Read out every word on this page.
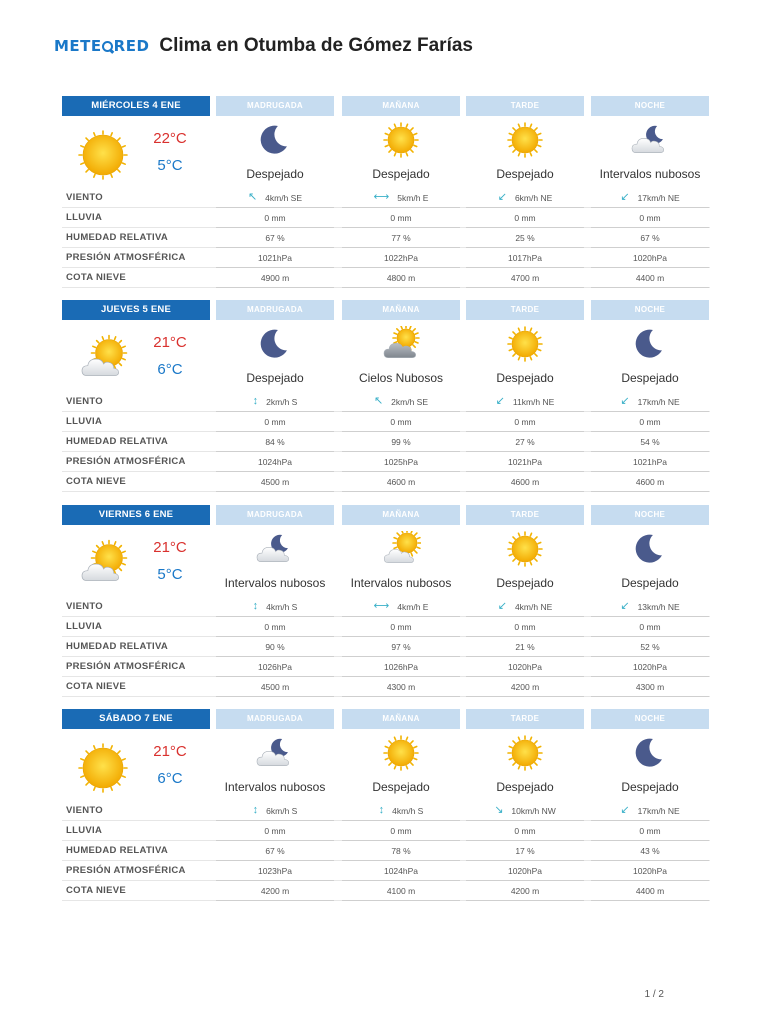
METE RED Clima en Otumba de Gómez Farías
MIÉRCOLES 4 ENE	MADRUGADA	MAÑANA	TARDE	NOCHE
22°C
5°C	Despejado	Despejado	Despejado	Intervalos nubosos
VIENTO	↖ 4km/h SE	⟷ 5km/h E	↙ 6km/h NE	↙ 17km/h NE
LLUVIA	0 mm	0 mm	0 mm	0 mm
HUMEDAD RELATIVA	67 %	77 %	25 %	67 %
PRESIÓN ATMOSFÉRICA	1021hPa	1022hPa	1017hPa	1020hPa
COTA NIEVE	4900 m	4800 m	4700 m	4400 m
JUEVES 5 ENE	MADRUGADA	MAÑANA	TARDE	NOCHE
21°C
6°C	Despejado	Cielos Nubosos	Despejado	Despejado
VIENTO	↕ 2km/h S	↖ 2km/h SE	↙ 11km/h NE	↙ 17km/h NE
LLUVIA	0 mm	0 mm	0 mm	0 mm
HUMEDAD RELATIVA	84 %	99 %	27 %	54 %
PRESIÓN ATMOSFÉRICA	1024hPa	1025hPa	1021hPa	1021hPa
COTA NIEVE	4500 m	4600 m	4600 m	4600 m
VIERNES 6 ENE	MADRUGADA	MAÑANA	TARDE	NOCHE
21°C
5°C	Intervalos nubosos	Intervalos nubosos	Despejado	Despejado
VIENTO	↕ 4km/h S	⟷ 4km/h E	↙ 4km/h NE	↙ 13km/h NE
LLUVIA	0 mm	0 mm	0 mm	0 mm
HUMEDAD RELATIVA	90 %	97 %	21 %	52 %
PRESIÓN ATMOSFÉRICA	1026hPa	1026hPa	1020hPa	1020hPa
COTA NIEVE	4500 m	4300 m	4200 m	4300 m
SÁBADO 7 ENE	MADRUGADA	MAÑANA	TARDE	NOCHE
21°C
6°C	Intervalos nubosos	Despejado	Despejado	Despejado
VIENTO	↕ 6km/h S	↕ 4km/h S	↘ 10km/h NW	↙ 17km/h NE
LLUVIA	0 mm	0 mm	0 mm	0 mm
HUMEDAD RELATIVA	67 %	78 %	17 %	43 %
PRESIÓN ATMOSFÉRICA	1023hPa	1024hPa	1020hPa	1020hPa
COTA NIEVE	4200 m	4100 m	4200 m	4400 m
1 / 2
